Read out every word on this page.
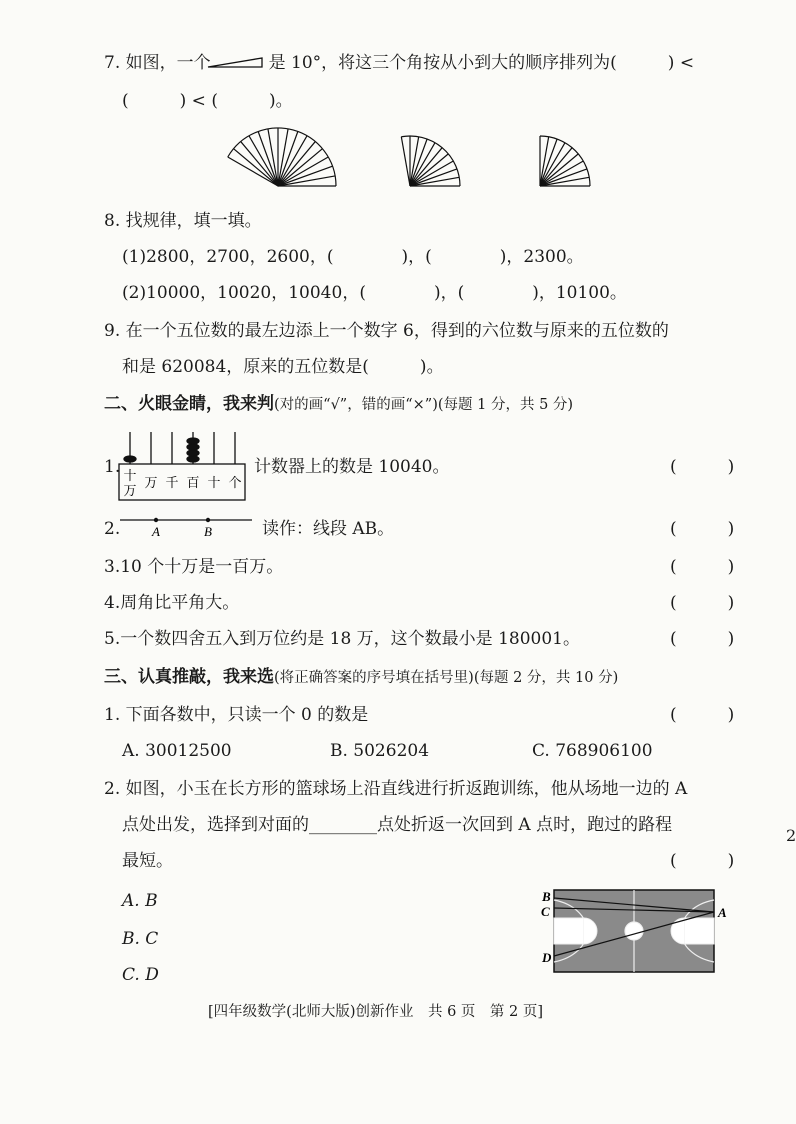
7. 如图，一个	是 10°，将这三个角按从小到大的顺序排列为(　　　) <
(　　　) < (　　　)。
8. 找规律，填一填。
(1)2800，2700，2600，(　　　　)，(　　　　)，2300。
(2)10000，10020，10040，(　　　　)，(　　　　)，10100。
9. 在一个五位数的最左边添上一个数字 6，得到的六位数与原来的五位数的
和是 620084，原来的五位数是(　　　)。
二、火眼金睛，我来判(对的画“√”，错的画“×”)(每题 1 分，共 5 分)
1. 十万
万 千 百 十 个
计数器上的数是 10040。	(　　　)
2. A	B	读作：线段 AB。	(　　　)
3.10 个十万是一百万。	(　　　)
4.周角比平角大。	(　　　)
5.一个数四舍五入到万位约是 18 万，这个数最小是 180001。	(　　　)
三、认真推敲，我来选(将正确答案的序号填在括号里)(每题 2 分，共 10 分)
1. 下面各数中，只读一个 0 的数是	(　　　)
A. 30012500	B. 5026204	C. 768906100
2. 如图，小玉在长方形的篮球场上沿直线进行折返跑训练，他从场地一边的 A
点处出发，选择到对面的________点处折返一次回到 A 点时，跑过的路程
最短。	(　　　)
A. B
B. C
C. D
B
C
D
A
[四年级数学(北师大版)创新作业　共 6 页　第 2 页]
2
